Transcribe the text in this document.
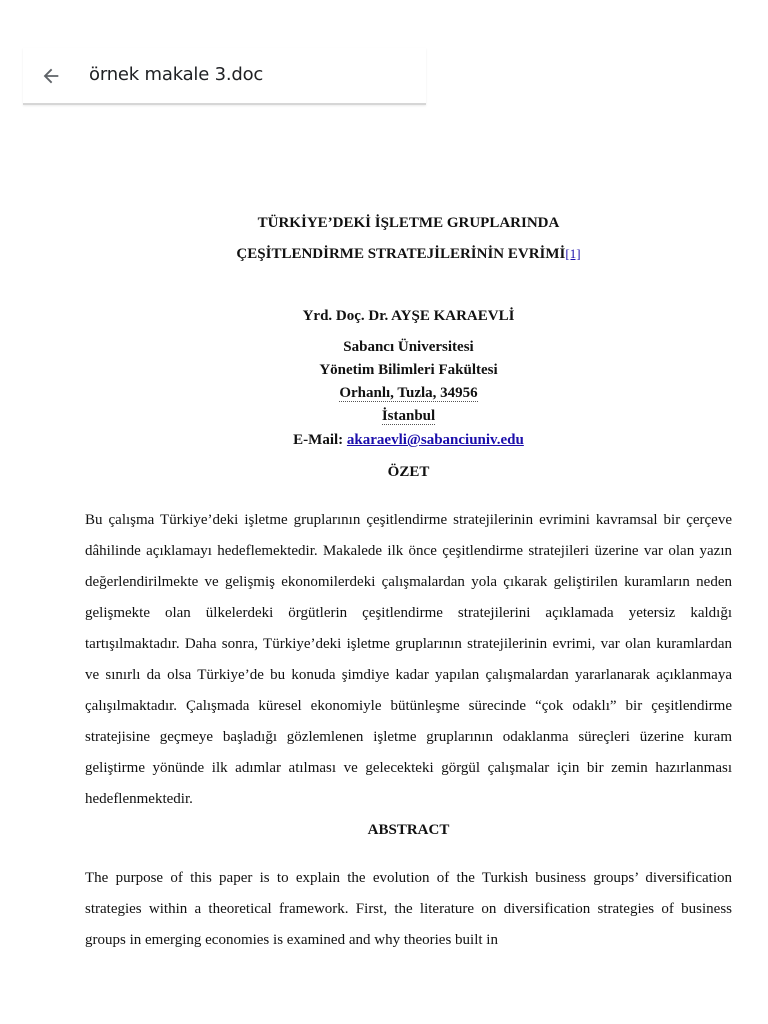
örnek makale 3.doc
TÜRKİYE’DEKİ İŞLETME GRUPLARINDA
ÇEŞİTLENDİRME STRATEJİLERİNİN EVRİMİ[1]
Yrd. Doç. Dr. AYŞE KARAEVLİ
Sabancı Üniversitesi
Yönetim Bilimleri Fakültesi
Orhanlı, Tuzla, 34956
İstanbul
E-Mail: akaraevli@sabanciuniv.edu
ÖZET

Bu çalışma Türkiye’deki işletme gruplarının çeşitlendirme stratejilerinin evrimini kavramsal bir çerçeve dâhilinde açıklamayı hedeflemektedir. Makalede ilk önce çeşitlendirme stratejileri üzerine var olan yazın değerlendirilmekte ve gelişmiş ekonomilerdeki çalışmalardan yola çıkarak geliştirilen kuramların neden gelişmekte olan ülkelerdeki örgütlerin çeşitlendirme stratejilerini açıklamada yetersiz kaldığı tartışılmaktadır. Daha sonra, Türkiye’deki işletme gruplarının stratejilerinin evrimi, var olan kuramlardan ve sınırlı da olsa Türkiye’de bu konuda şimdiye kadar yapılan çalışmalardan yararlanarak açıklanmaya çalışılmaktadır. Çalışmada küresel ekonomiyle bütünleşme sürecinde “çok odaklı” bir çeşitlendirme stratejisine geçmeye başladığı gözlemlenen işletme gruplarının odaklanma süreçleri üzerine kuram geliştirme yönünde ilk adımlar atılması ve gelecekteki görgül çalışmalar için bir zemin hazırlanması hedeflenmektedir.

ABSTRACT

The purpose of this paper is to explain the evolution of the Turkish business groups’ diversification strategies within a theoretical framework. First, the literature on diversification strategies of business groups in emerging economies is examined and why theories built in
